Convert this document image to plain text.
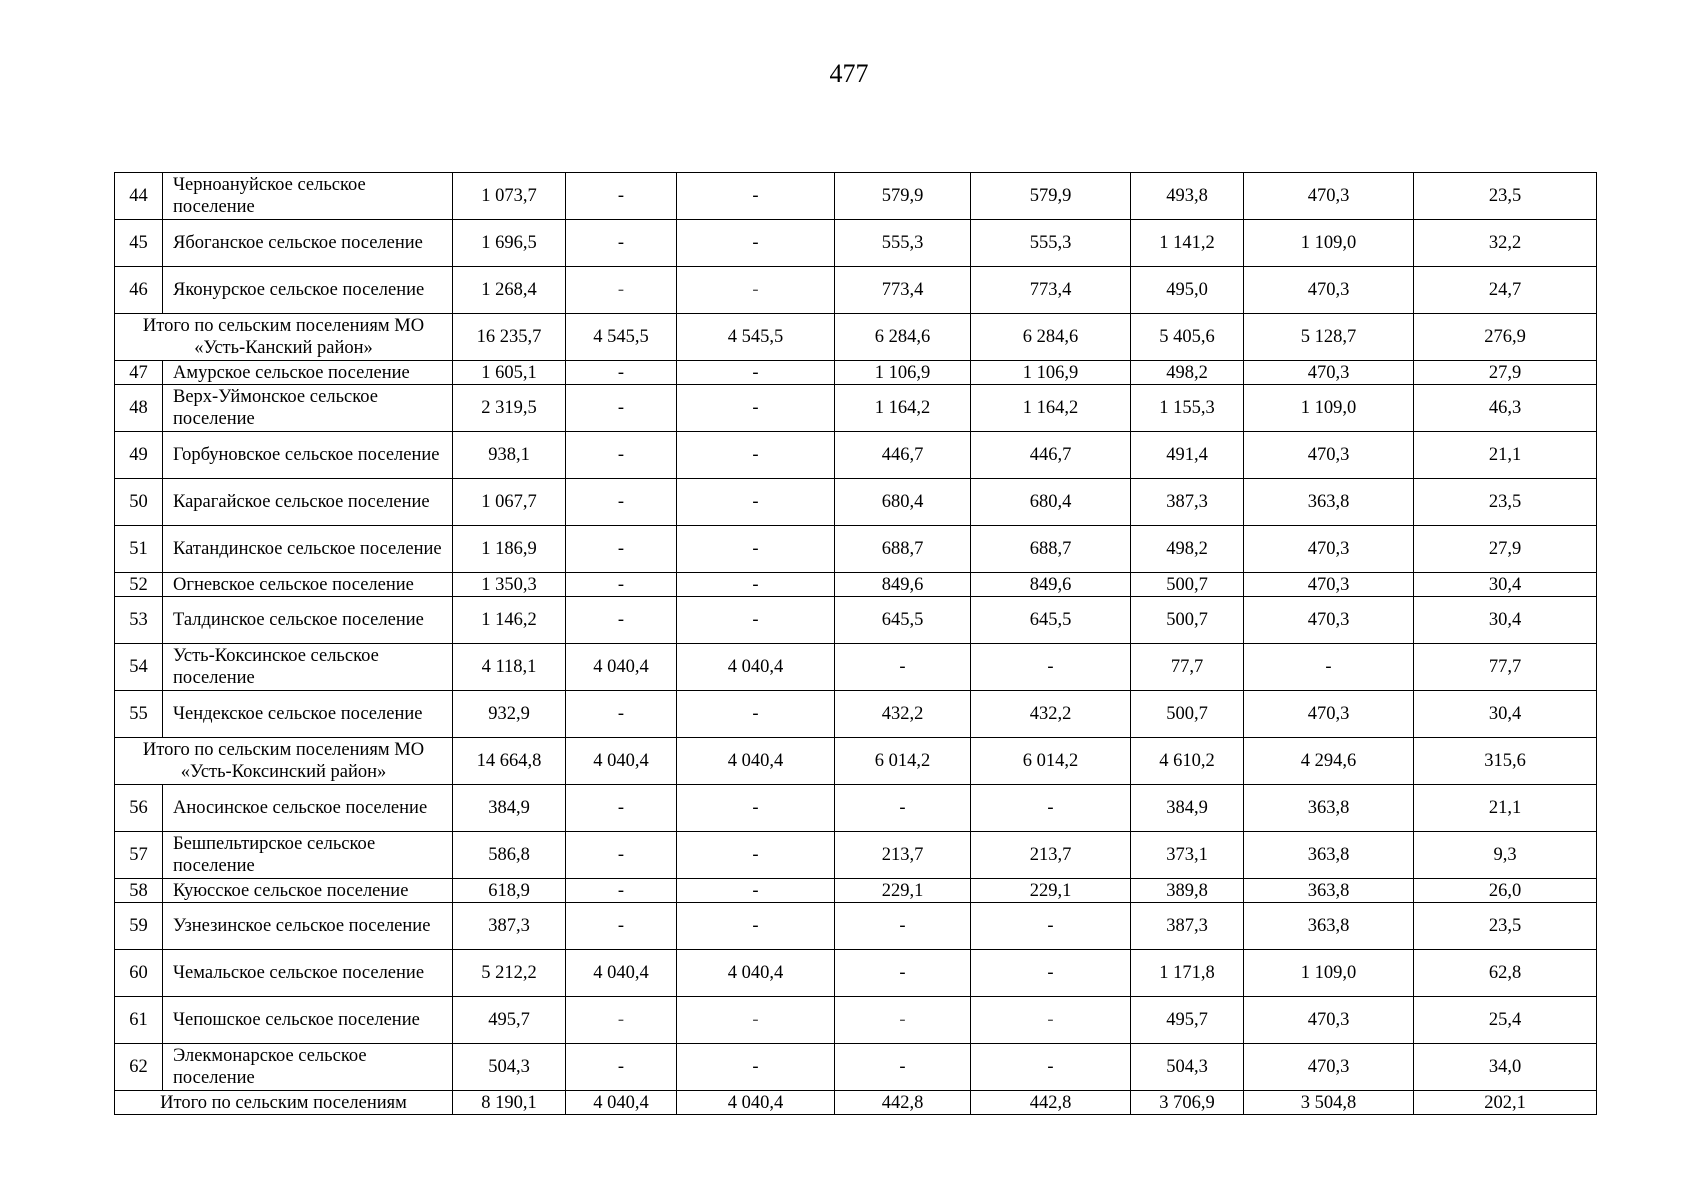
477
44	Черноануйское сельское поселение	1 073,7	-	-	579,9	579,9	493,8	470,3	23,5
45	Ябоганское сельское поселение	1 696,5	-	-	555,3	555,3	1 141,2	1 109,0	32,2
46	Яконурское сельское поселение	1 268,4	-	-	773,4	773,4	495,0	470,3	24,7
Итого по сельским поселениям МО «Усть-Канский район»		16 235,7	4 545,5	4 545,5	6 284,6	6 284,6	5 405,6	5 128,7	276,9
47	Амурское сельское поселение	1 605,1	-	-	1 106,9	1 106,9	498,2	470,3	27,9
48	Верх-Уймонское сельское поселение	2 319,5	-	-	1 164,2	1 164,2	1 155,3	1 109,0	46,3
49	Горбуновское сельское поселение	938,1	-	-	446,7	446,7	491,4	470,3	21,1
50	Карагайское сельское поселение	1 067,7	-	-	680,4	680,4	387,3	363,8	23,5
51	Катандинское сельское поселение	1 186,9	-	-	688,7	688,7	498,2	470,3	27,9
52	Огневское сельское поселение	1 350,3	-	-	849,6	849,6	500,7	470,3	30,4
53	Талдинское сельское поселение	1 146,2	-	-	645,5	645,5	500,7	470,3	30,4
54	Усть-Коксинское сельское поселение	4 118,1	4 040,4	4 040,4	-	-	77,7	-	77,7
55	Чендекское сельское поселение	932,9	-	-	432,2	432,2	500,7	470,3	30,4
Итого по сельским поселениям МО «Усть-Коксинский район»		14 664,8	4 040,4	4 040,4	6 014,2	6 014,2	4 610,2	4 294,6	315,6
56	Аносинское сельское поселение	384,9	-	-	-	-	384,9	363,8	21,1
57	Бешпельтирское сельское поселение	586,8	-	-	213,7	213,7	373,1	363,8	9,3
58	Куюсское сельское поселение	618,9	-	-	229,1	229,1	389,8	363,8	26,0
59	Узнезинское сельское поселение	387,3	-	-	-	-	387,3	363,8	23,5
60	Чемальское сельское поселение	5 212,2	4 040,4	4 040,4	-	-	1 171,8	1 109,0	62,8
61	Чепошское сельское поселение	495,7	-	-	-	-	495,7	470,3	25,4
62	Элекмонарское сельское поселение	504,3	-	-	-	-	504,3	470,3	34,0
Итого по сельским поселениям		8 190,1	4 040,4	4 040,4	442,8	442,8	3 706,9	3 504,8	202,1
